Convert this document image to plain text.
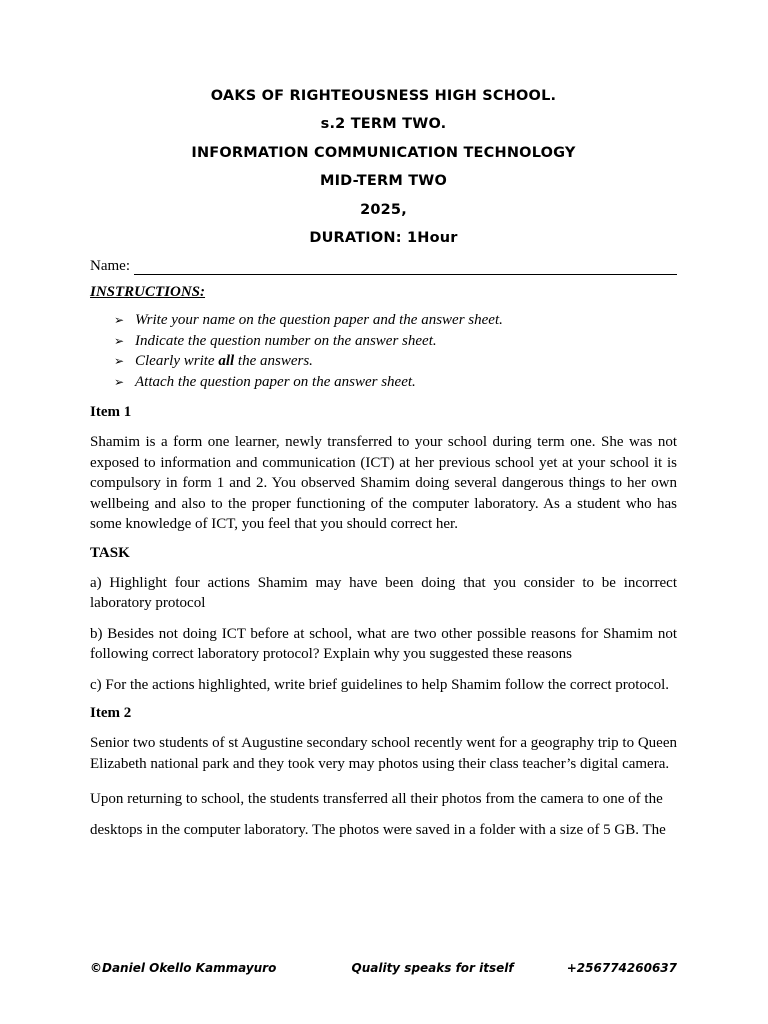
OAKS OF RIGHTEOUSNESS HIGH SCHOOL.
s.2 TERM TWO.
INFORMATION COMMUNICATION TECHNOLOGY
MID-TERM TWO
2025,
DURATION: 1Hour
Name:
INSTRUCTIONS:
➢ Write your name on the question paper and the answer sheet.
➢ Indicate the question number on the answer sheet.
➢ Clearly write all the answers.
➢ Attach the question paper on the answer sheet.
Item 1

Shamim is a form one learner, newly transferred to your school during term one. She was not exposed to information and communication (ICT) at her previous school yet at your school it is compulsory in form 1 and 2. You observed Shamim doing several dangerous things to her own wellbeing and also to the proper functioning of the computer laboratory. As a student who has some knowledge of ICT, you feel that you should correct her.

TASK

a) Highlight four actions Shamim may have been doing that you consider to be incorrect laboratory protocol

b) Besides not doing ICT before at school, what are two other possible reasons for Shamim not following correct laboratory protocol? Explain why you suggested these reasons

c) For the actions highlighted, write brief guidelines to help Shamim follow the correct protocol.

Item 2

Senior two students of st Augustine secondary school recently went for a geography trip to Queen Elizabeth national park and they took very may photos using their class teacher’s digital camera.

Upon returning to school, the students transferred all their photos from the camera to one of the

desktops in the computer laboratory. The photos were saved in a folder with a size of 5 GB. The

©Daniel Okello Kammayuro	Quality speaks for itself	+256774260637
